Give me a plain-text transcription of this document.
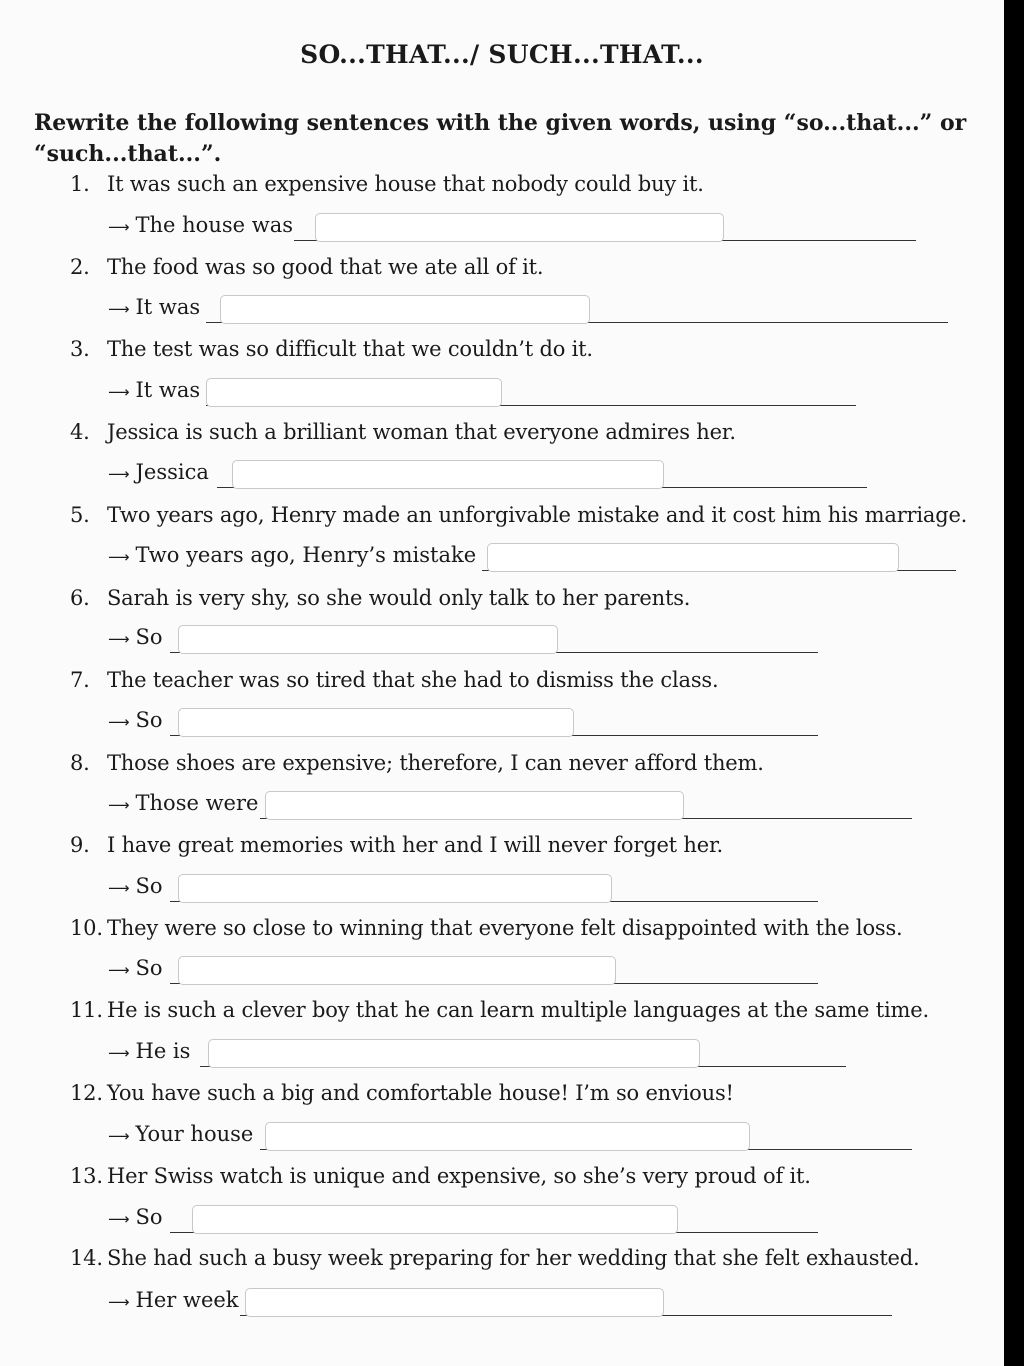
SO...THAT.../ SUCH...THAT...
Rewrite the following sentences with the given words, using “so...that...” or “such...that...”.
1. It was such an expensive house that nobody could buy it.
⟶ The house was
2. The food was so good that we ate all of it.
⟶ It was
3. The test was so difficult that we couldn’t do it.
⟶ It was
4. Jessica is such a brilliant woman that everyone admires her.
⟶ Jessica
5. Two years ago, Henry made an unforgivable mistake and it cost him his marriage.
⟶ Two years ago, Henry’s mistake
6. Sarah is very shy, so she would only talk to her parents.
⟶ So
7. The teacher was so tired that she had to dismiss the class.
⟶ So
8. Those shoes are expensive; therefore, I can never afford them.
⟶ Those were
9. I have great memories with her and I will never forget her.
⟶ So
10. They were so close to winning that everyone felt disappointed with the loss.
⟶ So
11. He is such a clever boy that he can learn multiple languages at the same time.
⟶ He is
12. You have such a big and comfortable house! I’m so envious!
⟶ Your house
13. Her Swiss watch is unique and expensive, so she’s very proud of it.
⟶ So
14. She had such a busy week preparing for her wedding that she felt exhausted.
⟶ Her week
